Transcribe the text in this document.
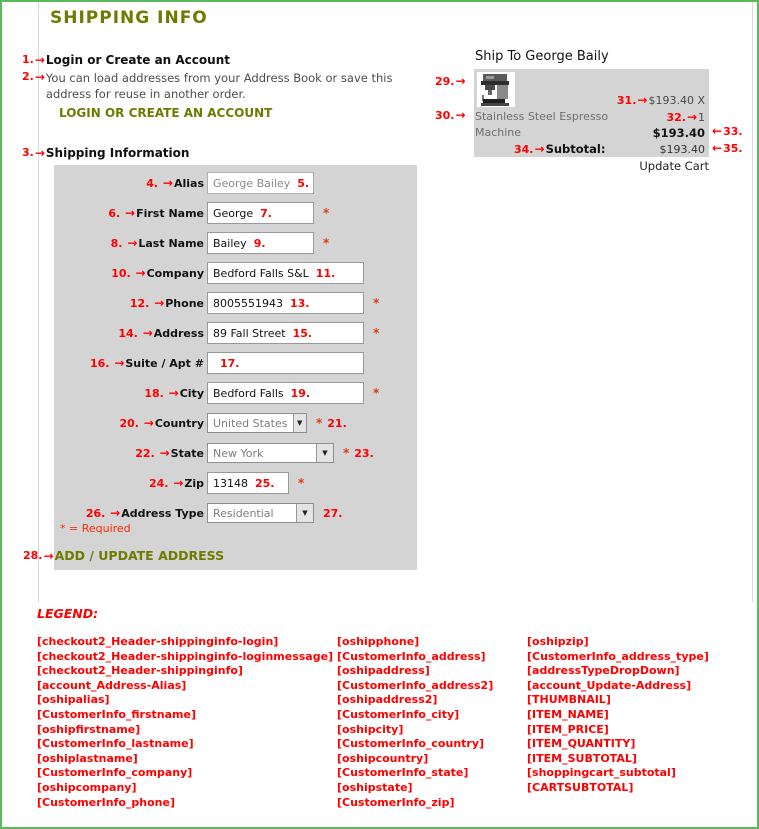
SHIPPING INFO
1. → Login or Create an Account
2. → You can load addresses from your Address Book or save this address for reuse in another order.
LOGIN OR CREATE AN ACCOUNT
3. → Shipping Information
4. →Alias George Bailey 5.
6. →First Name George 7.	*
8. →Last Name Bailey 9.	*
10. →Company Bedford Falls S&L 11.
12. →Phone 8005551943 13.	*
14. →Address 89 Fall Street 15.	*
16. →Suite / Apt # 17.
18. →City Bedford Falls 19.	*
20. →Country United States	▼ * 21.
22. →State New York	▼	* 23.
24. →Zip 13148 25. *
26. →Address Type Residential	▼	27.
* = Required
28. → ADD / UPDATE ADDRESS
Ship To George Baily
29. →
30. →
31. → $193.40 X
Stainless Steel Espresso Machine
32. → 1
$193.40
34. → Subtotal:	$193.40
← 33.
← 35.
Update Cart
LEGEND:
[checkout2_Header-shippinginfo-login]
[checkout2_Header-shippinginfo-loginmessage]
[checkout2_Header-shippinginfo]
[account_Address-Alias]
[oshipalias]
[CustomerInfo_firstname]
[oshipfirstname]
[CustomerInfo_lastname]
[oshiplastname]
[CustomerInfo_company]
[oshipcompany]
[CustomerInfo_phone]
[oshipphone]
[CustomerInfo_address]
[oshipaddress]
[CustomerInfo_address2]
[oshipaddress2]
[CustomerInfo_city]
[oshipcity]
[CustomerInfo_country]
[oshipcountry]
[CustomerInfo_state]
[oshipstate]
[CustomerInfo_zip]
[oshipzip]
[CustomerInfo_address_type]
[addressTypeDropDown]
[account_Update-Address]
[THUMBNAIL]
[ITEM_NAME]
[ITEM_PRICE]
[ITEM_QUANTITY]
[ITEM_SUBTOTAL]
[shoppingcart_subtotal]
[CARTSUBTOTAL]
